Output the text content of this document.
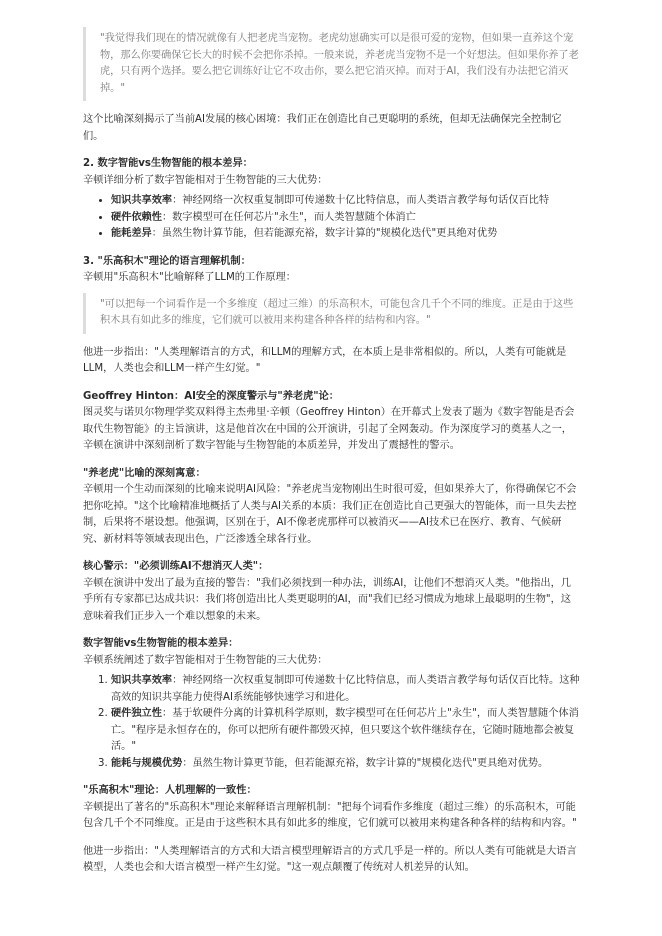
"我觉得我们现在的情况就像有人把老虎当宠物。老虎幼崽确实可以是很可爱的宠物，但如果一直养这个宠物，那么你要确保它长大的时候不会把你杀掉。一般来说，养老虎当宠物不是一个好想法。但如果你养了老虎，只有两个选择。要么把它训练好让它不攻击你，要么把它消灭掉。而对于AI，我们没有办法把它消灭掉。"

这个比喻深刻揭示了当前AI发展的核心困境：我们正在创造比自己更聪明的系统，但却无法确保完全控制它们。

2. 数字智能vs生物智能的根本差异：

辛顿详细分析了数字智能相对于生物智能的三大优势：

• 知识共享效率：神经网络一次权重复制即可传递数十亿比特信息，而人类语言教学每句话仅百比特
• 硬件依赖性：数字模型可在任何芯片"永生"，而人类智慧随个体消亡
• 能耗差异：虽然生物计算节能，但若能源充裕，数字计算的"规模化迭代"更具绝对优势

3. "乐高积木"理论的语言理解机制：

辛顿用"乐高积木"比喻解释了LLM的工作原理：

"可以把每一个词看作是一个多维度（超过三维）的乐高积木，可能包含几千个不同的维度。正是由于这些积木具有如此多的维度，它们就可以被用来构建各种各样的结构和内容。"

他进一步指出："人类理解语言的方式，和LLM的理解方式，在本质上是非常相似的。所以，人类有可能就是LLM，人类也会和LLM一样产生幻觉。"

Geoffrey Hinton：AI安全的深度警示与"养老虎"论：

图灵奖与诺贝尔物理学奖双料得主杰弗里·辛顿（Geoffrey Hinton）在开幕式上发表了题为《数字智能是否会取代生物智能》的主旨演讲，这是他首次在中国的公开演讲，引起了全网轰动。作为深度学习的奠基人之一，辛顿在演讲中深刻剖析了数字智能与生物智能的本质差异，并发出了震撼性的警示。

"养老虎"比喻的深刻寓意：

辛顿用一个生动而深刻的比喻来说明AI风险："养老虎当宠物刚出生时很可爱，但如果养大了，你得确保它不会把你吃掉。"这个比喻精准地概括了人类与AI关系的本质：我们正在创造比自己更强大的智能体，而一旦失去控制，后果将不堪设想。他强调，区别在于，AI不像老虎那样可以被消灭——AI技术已在医疗、教育、气候研究、新材料等领域表现出色，广泛渗透全球各行业。

核心警示："必须训练AI不想消灭人类"：

辛顿在演讲中发出了最为直接的警告："我们必须找到一种办法，训练AI，让他们不想消灭人类。"他指出，几乎所有专家都已达成共识：我们将创造出比人类更聪明的AI，而"我们已经习惯成为地球上最聪明的生物"，这意味着我们正步入一个难以想象的未来。

数字智能vs生物智能的根本差异：

辛顿系统阐述了数字智能相对于生物智能的三大优势：

1. 知识共享效率：神经网络一次权重复制即可传递数十亿比特信息，而人类语言教学每句话仅百比特。这种高效的知识共享能力使得AI系统能够快速学习和进化。
2. 硬件独立性：基于软硬件分离的计算机科学原则，数字模型可在任何芯片上"永生"，而人类智慧随个体消亡。"程序是永恒存在的，你可以把所有硬件都毁灭掉，但只要这个软件继续存在，它随时随地都会被复活。"
3. 能耗与规模优势：虽然生物计算更节能，但若能源充裕，数字计算的"规模化迭代"更具绝对优势。

"乐高积木"理论：人机理解的一致性：

辛顿提出了著名的"乐高积木"理论来解释语言理解机制："把每个词看作多维度（超过三维）的乐高积木，可能包含几千个不同维度。正是由于这些积木具有如此多的维度，它们就可以被用来构建各种各样的结构和内容。"

他进一步指出："人类理解语言的方式和大语言模型理解语言的方式几乎是一样的。所以人类有可能就是大语言模型，人类也会和大语言模型一样产生幻觉。"这一观点颠覆了传统对人机差异的认知。
